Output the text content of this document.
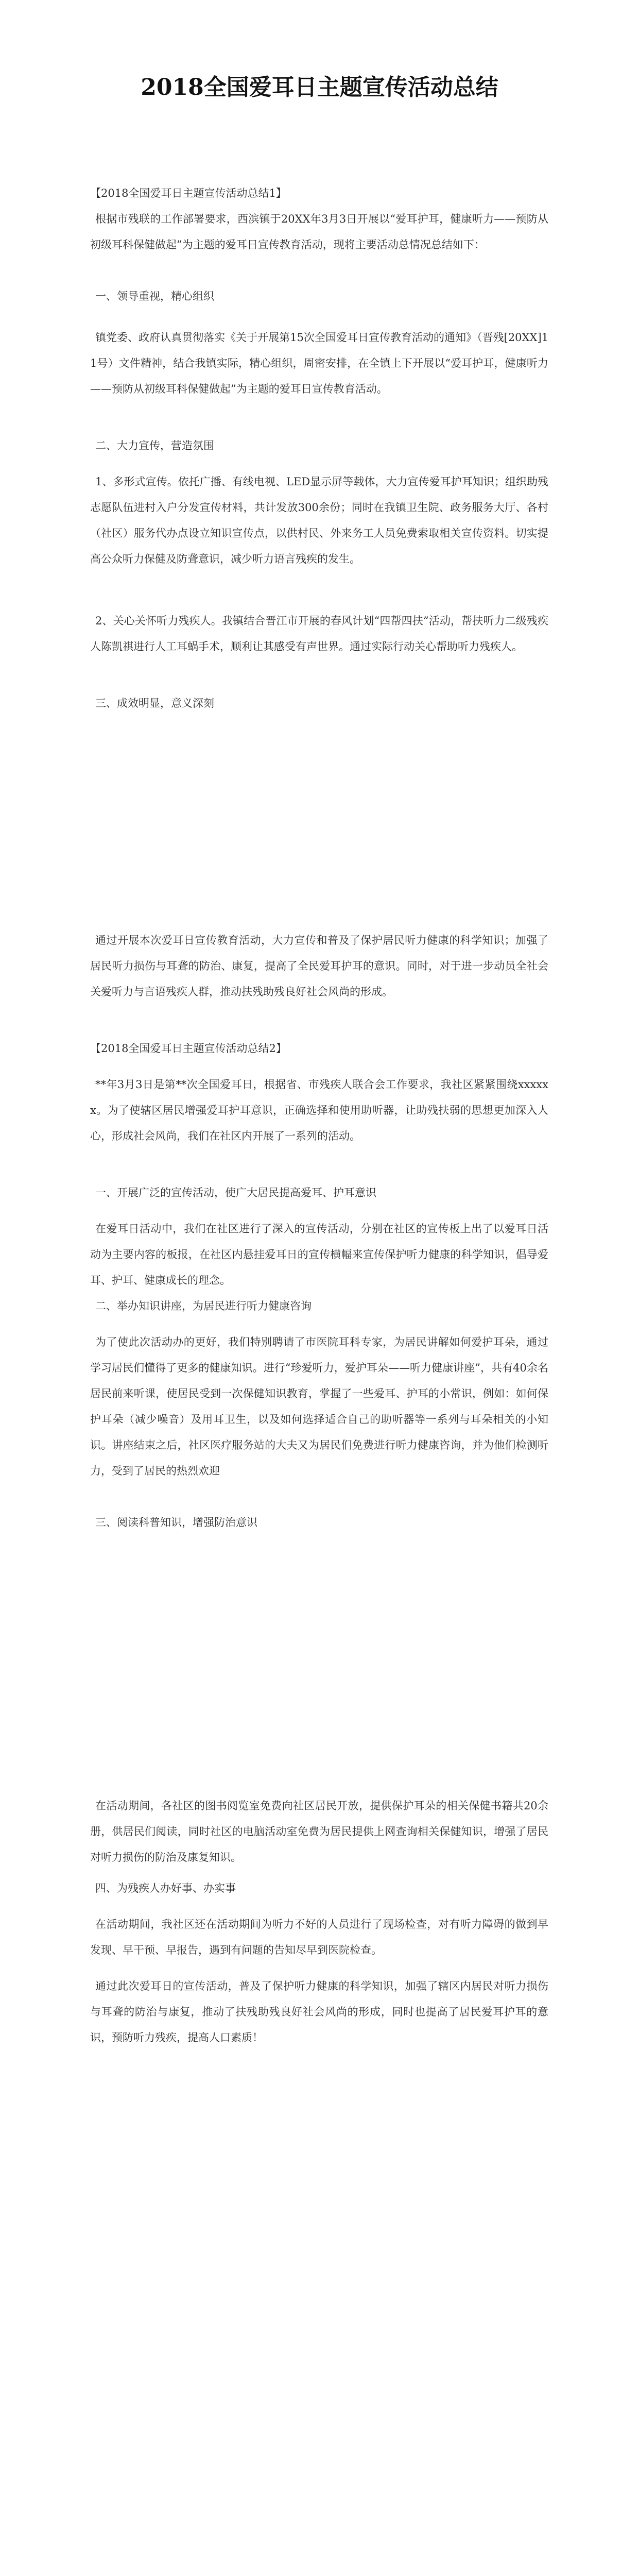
2018全国爱耳日主题宣传活动总结

【2018全国爱耳日主题宣传活动总结1】

根据市残联的工作部署要求，西滨镇于20XX年3月3日开展以“爱耳护耳，健康听力——预防从初级耳科保健做起”为主题的爱耳日宣传教育活动，现将主要活动总情况总结如下：

一、领导重视，精心组织

镇党委、政府认真贯彻落实《关于开展第15次全国爱耳日宣传教育活动的通知》（晋残[20XX]11号）文件精神，结合我镇实际，精心组织，周密安排，在全镇上下开展以“爱耳护耳，健康听力——预防从初级耳科保健做起”为主题的爱耳日宣传教育活动。

二、大力宣传，营造氛围

1、多形式宣传。依托广播、有线电视、LED显示屏等载体，大力宣传爱耳护耳知识；组织助残志愿队伍进村入户分发宣传材料，共计发放300余份；同时在我镇卫生院、政务服务大厅、各村（社区）服务代办点设立知识宣传点，以供村民、外来务工人员免费索取相关宣传资料。切实提高公众听力保健及防聋意识，减少听力语言残疾的发生。

2、关心关怀听力残疾人。我镇结合晋江市开展的春风计划“四帮四扶”活动，帮扶听力二级残疾人陈凯祺进行人工耳蜗手术，顺利让其感受有声世界。通过实际行动关心帮助听力残疾人。

三、成效明显，意义深刻

通过开展本次爱耳日宣传教育活动，大力宣传和普及了保护居民听力健康的科学知识；加强了居民听力损伤与耳聋的防治、康复，提高了全民爱耳护耳的意识。同时，对于进一步动员全社会关爱听力与言语残疾人群，推动扶残助残良好社会风尚的形成。

【2018全国爱耳日主题宣传活动总结2】

**年3月3日是第**次全国爱耳日，根据省、市残疾人联合会工作要求，我社区紧紧围绕xxxxxx。为了使辖区居民增强爱耳护耳意识，正确选择和使用助听器，让助残扶弱的思想更加深入人心，形成社会风尚，我们在社区内开展了一系列的活动。

一、开展广泛的宣传活动，使广大居民提高爱耳、护耳意识

在爱耳日活动中，我们在社区进行了深入的宣传活动，分别在社区的宣传板上出了以爱耳日活动为主要内容的板报，在社区内悬挂爱耳日的宣传横幅来宣传保护听力健康的科学知识，倡导爱耳、护耳、健康成长的理念。

二、举办知识讲座，为居民进行听力健康咨询

为了使此次活动办的更好，我们特别聘请了市医院耳科专家，为居民讲解如何爱护耳朵，通过学习居民们懂得了更多的健康知识。进行“珍爱听力，爱护耳朵——听力健康讲座”，共有40余名居民前来听课，使居民受到一次保健知识教育，掌握了一些爱耳、护耳的小常识，例如：如何保护耳朵（减少噪音）及用耳卫生，以及如何选择适合自己的助听器等一系列与耳朵相关的小知识。讲座结束之后，社区医疗服务站的大夫又为居民们免费进行听力健康咨询，并为他们检测听力，受到了居民的热烈欢迎

三、阅读科普知识，增强防治意识

在活动期间，各社区的图书阅览室免费向社区居民开放，提供保护耳朵的相关保健书籍共20余册，供居民们阅读，同时社区的电脑活动室免费为居民提供上网查询相关保健知识，增强了居民对听力损伤的防治及康复知识。

四、为残疾人办好事、办实事

在活动期间，我社区还在活动期间为听力不好的人员进行了现场检查，对有听力障碍的做到早发现、早干预、早报告，遇到有问题的告知尽早到医院检查。

通过此次爱耳日的宣传活动，普及了保护听力健康的科学知识，加强了辖区内居民对听力损伤与耳聋的防治与康复，推动了扶残助残良好社会风尚的形成，同时也提高了居民爱耳护耳的意识，预防听力残疾，提高人口素质！
